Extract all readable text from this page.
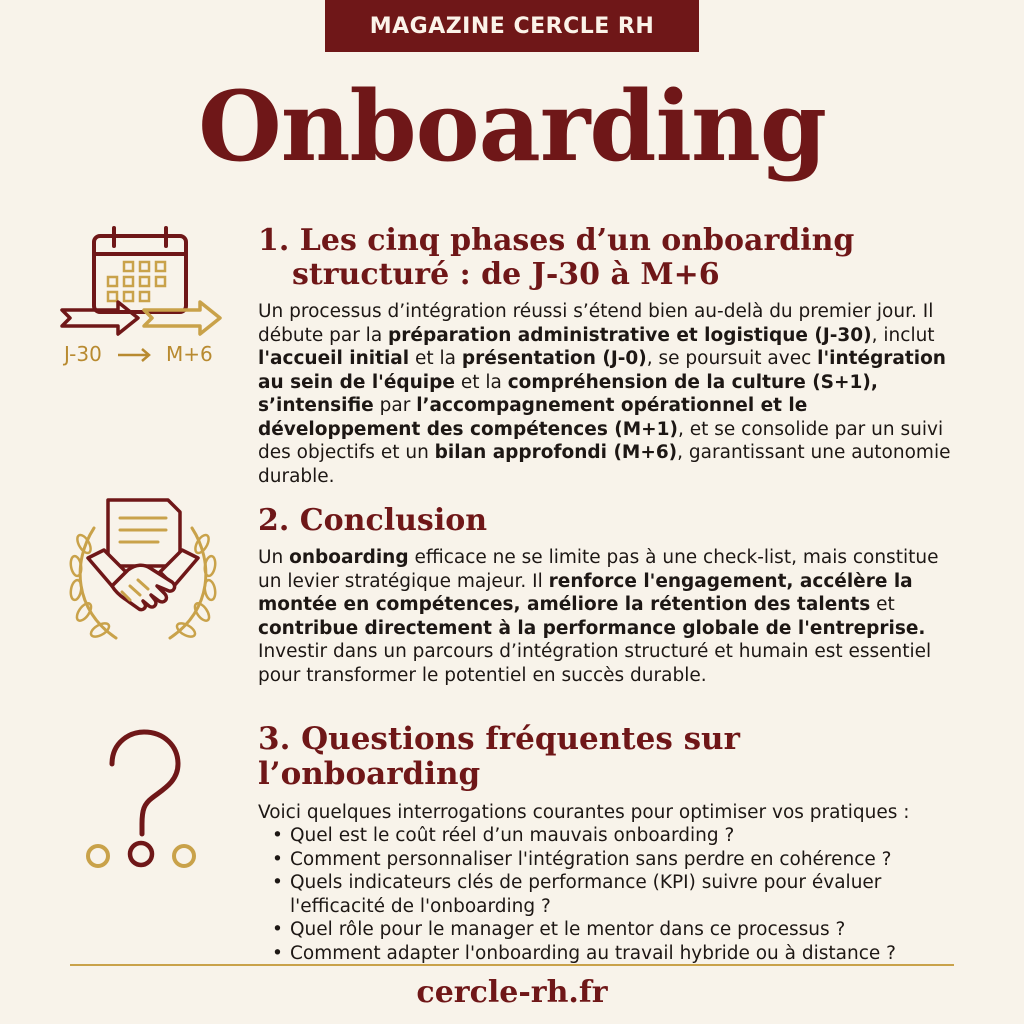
MAGAZINE CERCLE RH
Onboarding
J-30	M+6
1. Les cinq phases d’un onboarding
structuré : de J-30 à M+6

Un processus d’intégration réussi s’étend bien au-delà du premier jour. Il débute par la préparation administrative et logistique (J-30), inclut l'accueil initial et la présentation (J-0), se poursuit avec l'intégration au sein de l'équipe et la compréhension de la culture (S+1), s’intensifie par l’accompagnement opérationnel et le développement des compétences (M+1), et se consolide par un suivi des objectifs et un bilan approfondi (M+6), garantissant une autonomie durable.

2. Conclusion

Un onboarding efficace ne se limite pas à une check-list, mais constitue un levier stratégique majeur. Il renforce l'engagement, accélère la montée en compétences, améliore la rétention des talents et contribue directement à la performance globale de l'entreprise. Investir dans un parcours d’intégration structuré et humain est essentiel pour transformer le potentiel en succès durable.

3. Questions fréquentes sur l’onboarding

Voici quelques interrogations courantes pour optimiser vos pratiques :

• Quel est le coût réel d’un mauvais onboarding ?
• Comment personnaliser l'intégration sans perdre en cohérence ?
• Quels indicateurs clés de performance (KPI) suivre pour évaluer l'efficacité de l'onboarding ?
• Quel rôle pour le manager et le mentor dans ce processus ?
• Comment adapter l'onboarding au travail hybride ou à distance ?
cercle-rh.fr
